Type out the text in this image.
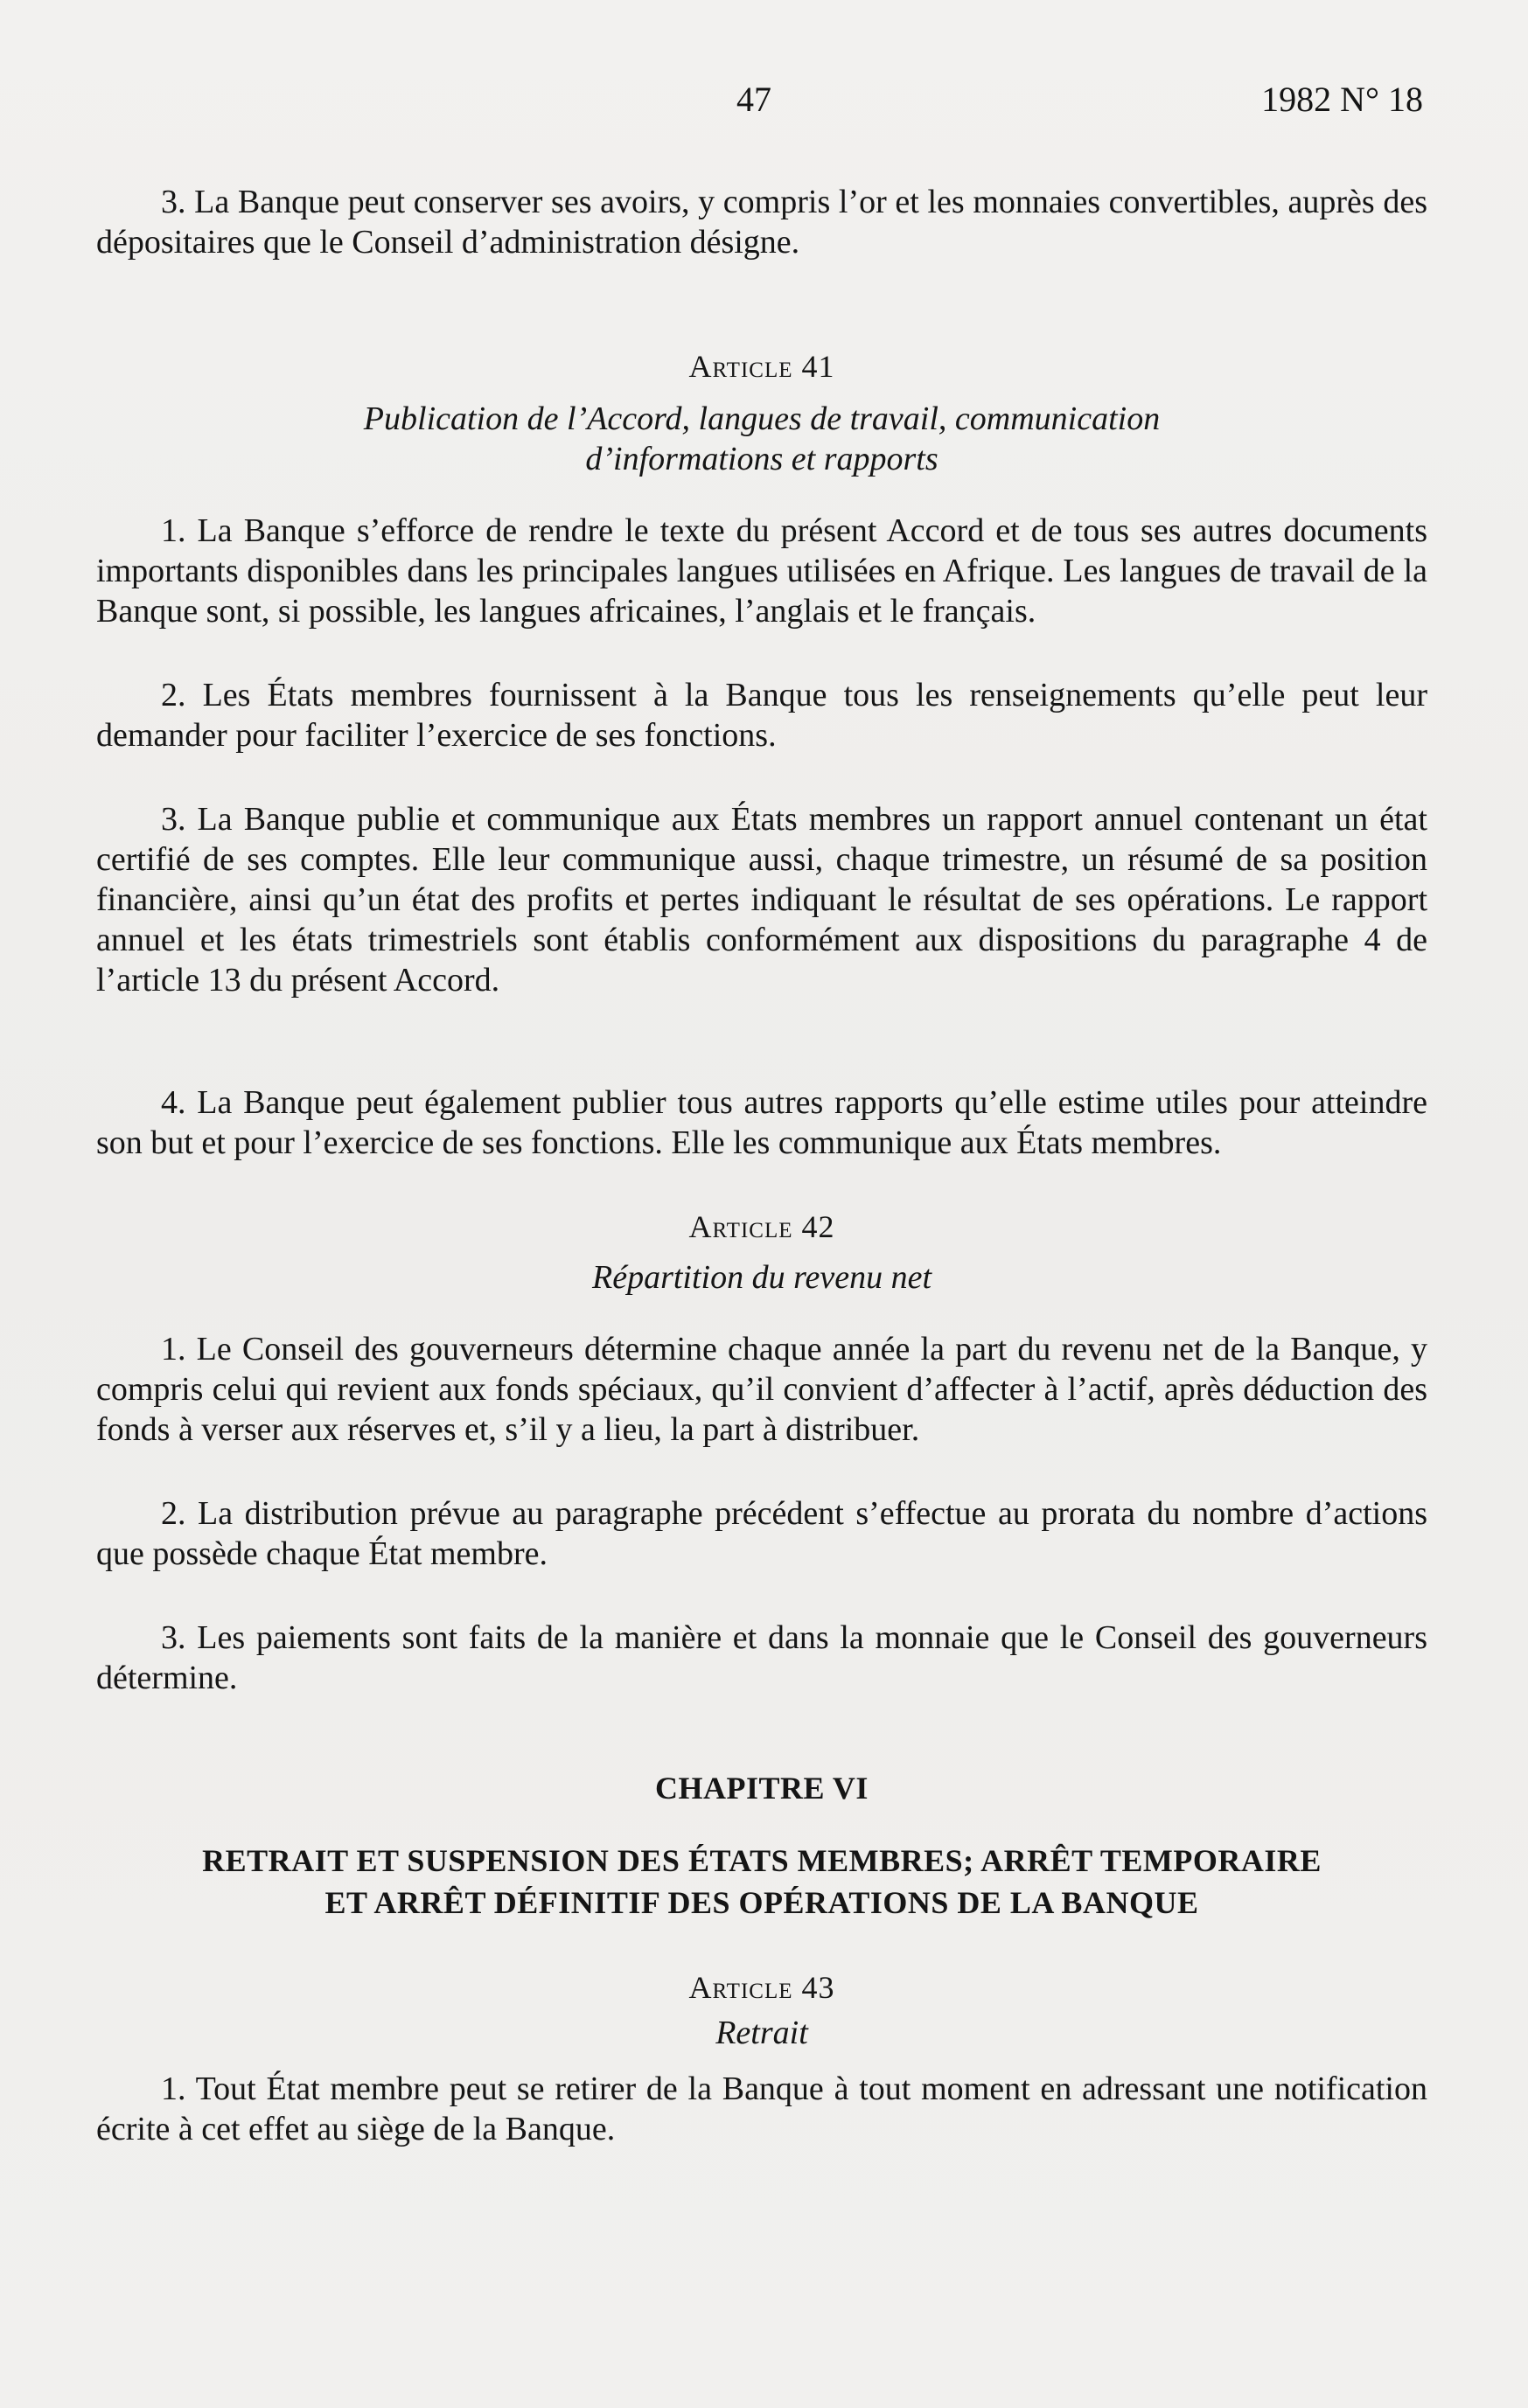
47	1982 N° 18

3. La Banque peut conserver ses avoirs, y compris l’or et les monnaies convertibles, auprès des dépositaires que le Conseil d’administration désigne.

Article 41
Publication de l’Accord, langues de travail, communication
d’informations et rapports

1. La Banque s’efforce de rendre le texte du présent Accord et de tous ses autres documents importants disponibles dans les principales langues utilisées en Afrique. Les langues de travail de la Banque sont, si possible, les langues africaines, l’anglais et le français.

2. Les États membres fournissent à la Banque tous les renseignements qu’elle peut leur demander pour faciliter l’exercice de ses fonctions.

3. La Banque publie et communique aux États membres un rapport annuel contenant un état certifié de ses comptes. Elle leur communique aussi, chaque trimestre, un résumé de sa position financière, ainsi qu’un état des profits et pertes indiquant le résultat de ses opérations. Le rapport annuel et les états trimestriels sont établis conformément aux dispositions du paragraphe 4 de l’article 13 du présent Accord.

4. La Banque peut également publier tous autres rapports qu’elle estime utiles pour atteindre son but et pour l’exercice de ses fonctions. Elle les communique aux États membres.

Article 42
Répartition du revenu net

1. Le Conseil des gouverneurs détermine chaque année la part du revenu net de la Banque, y compris celui qui revient aux fonds spéciaux, qu’il convient d’affecter à l’actif, après déduction des fonds à verser aux réserves et, s’il y a lieu, la part à distribuer.

2. La distribution prévue au paragraphe précédent s’effectue au prorata du nombre d’actions que possède chaque État membre.

3. Les paiements sont faits de la manière et dans la monnaie que le Conseil des gouverneurs détermine.

CHAPITRE VI
RETRAIT ET SUSPENSION DES ÉTATS MEMBRES; ARRÊT TEMPORAIRE
ET ARRÊT DÉFINITIF DES OPÉRATIONS DE LA BANQUE
Article 43
Retrait

1. Tout État membre peut se retirer de la Banque à tout moment en adressant une notification écrite à cet effet au siège de la Banque.
